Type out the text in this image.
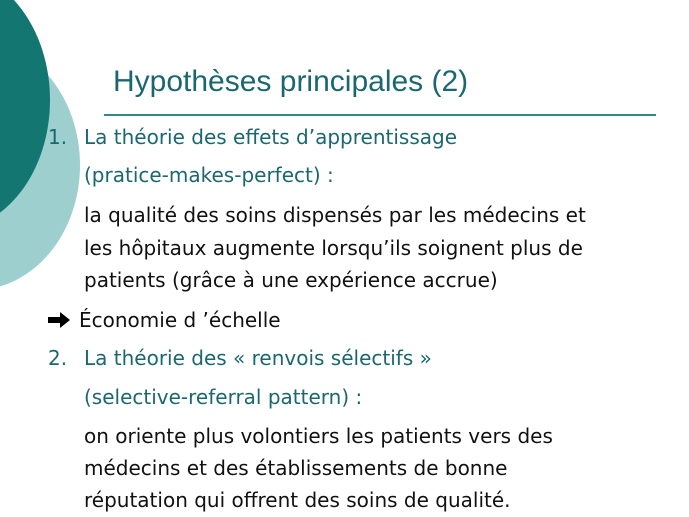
Hypothèses principales (2)
1. La théorie des effets d’apprentissage

(pratice-makes-perfect) :

la qualité des soins dispensés par les médecins et

les hôpitaux augmente lorsqu’ils soignent plus de

patients (grâce à une expérience accrue)

Économie d ’échelle

2. La théorie des « renvois sélectifs »

(selective-referral pattern) :

on oriente plus volontiers les patients vers des

médecins et des établissements de bonne

réputation qui offrent des soins de qualité.
